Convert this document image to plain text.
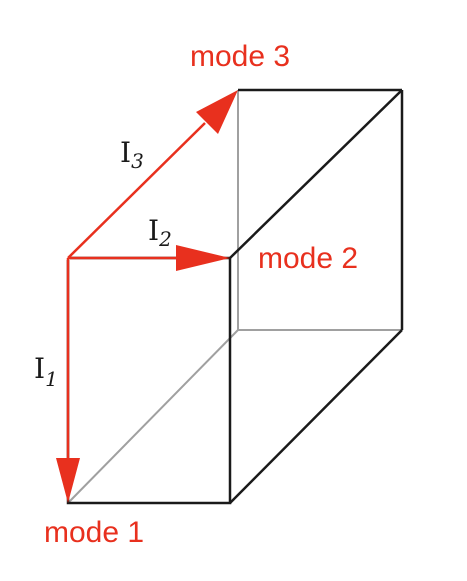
mode 3
mode 2
mode 1
I3
I2
I1
